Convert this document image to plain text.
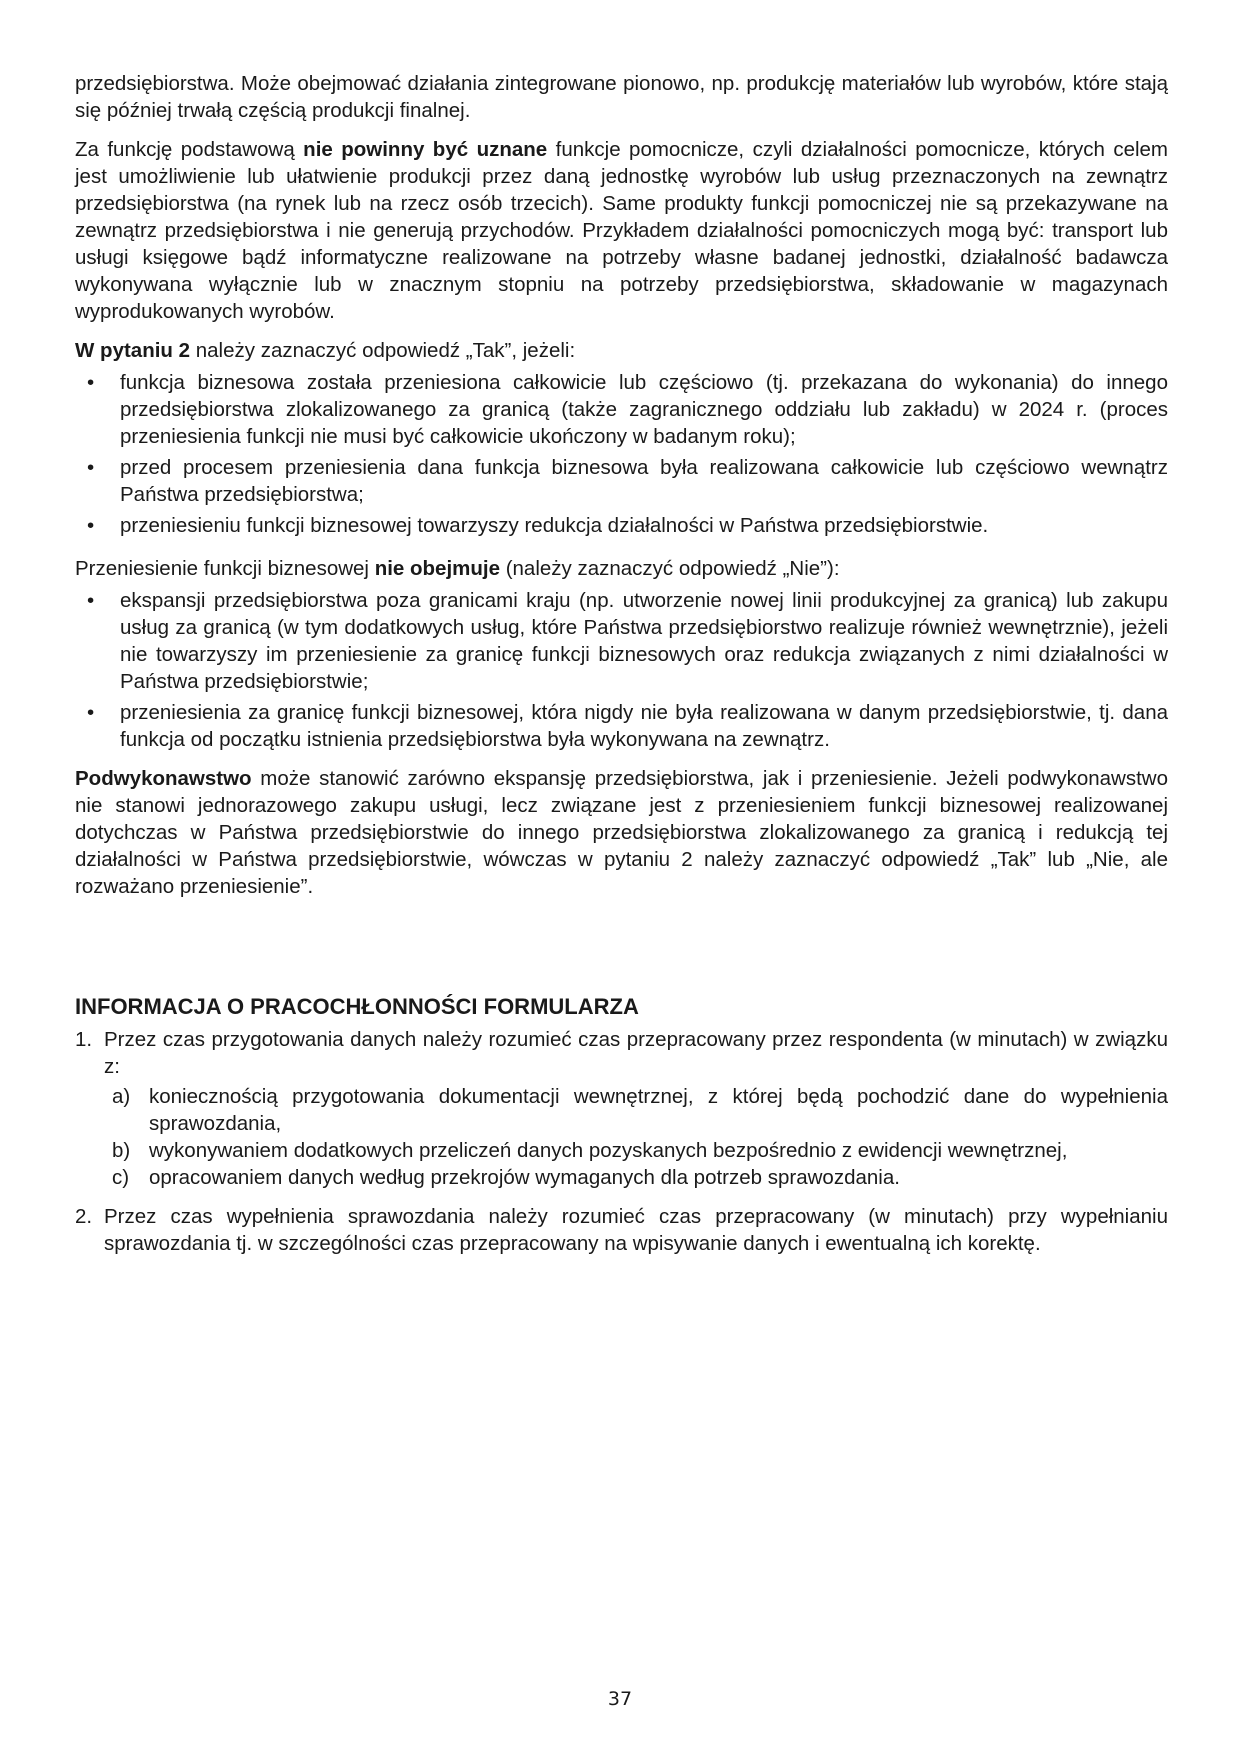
przedsiębiorstwa. Może obejmować działania zintegrowane pionowo, np. produkcję materiałów lub wyrobów, które stają się później trwałą częścią produkcji finalnej.

Za funkcję podstawową nie powinny być uznane funkcje pomocnicze, czyli działalności pomocnicze, których celem jest umożliwienie lub ułatwienie produkcji przez daną jednostkę wyrobów lub usług przeznaczonych na zewnątrz przedsiębiorstwa (na rynek lub na rzecz osób trzecich). Same produkty funkcji pomocniczej nie są przekazywane na zewnątrz przedsiębiorstwa i nie generują przychodów. Przykładem działalności pomocniczych mogą być: transport lub usługi księgowe bądź informatyczne realizowane na potrzeby własne badanej jednostki, działalność badawcza wykonywana wyłącznie lub w znacznym stopniu na potrzeby przedsiębiorstwa, składowanie w magazynach wyprodukowanych wyrobów.

W pytaniu 2 należy zaznaczyć odpowiedź „Tak”, jeżeli:

• funkcja biznesowa została przeniesiona całkowicie lub częściowo (tj. przekazana do wykonania) do innego przedsiębiorstwa zlokalizowanego za granicą (także zagranicznego oddziału lub zakładu) w 2024 r. (proces przeniesienia funkcji nie musi być całkowicie ukończony w badanym roku);
• przed procesem przeniesienia dana funkcja biznesowa była realizowana całkowicie lub częściowo wewnątrz Państwa przedsiębiorstwa;
• przeniesieniu funkcji biznesowej towarzyszy redukcja działalności w Państwa przedsiębiorstwie.

Przeniesienie funkcji biznesowej nie obejmuje (należy zaznaczyć odpowiedź „Nie”):

• ekspansji przedsiębiorstwa poza granicami kraju (np. utworzenie nowej linii produkcyjnej za granicą) lub zakupu usług za granicą (w tym dodatkowych usług, które Państwa przedsiębiorstwo realizuje również wewnętrznie), jeżeli nie towarzyszy im przeniesienie za granicę funkcji biznesowych oraz redukcja związanych z nimi działalności w Państwa przedsiębiorstwie;
• przeniesienia za granicę funkcji biznesowej, która nigdy nie była realizowana w danym przedsiębiorstwie, tj. dana funkcja od początku istnienia przedsiębiorstwa była wykonywana na zewnątrz.

Podwykonawstwo może stanowić zarówno ekspansję przedsiębiorstwa, jak i przeniesienie. Jeżeli podwykonawstwo nie stanowi jednorazowego zakupu usługi, lecz związane jest z przeniesieniem funkcji biznesowej realizowanej dotychczas w Państwa przedsiębiorstwie do innego przedsiębiorstwa zlokalizowanego za granicą i redukcją tej działalności w Państwa przedsiębiorstwie, wówczas w pytaniu 2 należy zaznaczyć odpowiedź „Tak” lub „Nie, ale rozważano przeniesienie”.

INFORMACJA O PRACOCHŁONNOŚCI FORMULARZA
1. Przez czas przygotowania danych należy rozumieć czas przepracowany przez respondenta (w minutach) w związku z:
a) koniecznością przygotowania dokumentacji wewnętrznej, z której będą pochodzić dane do wypełnienia sprawozdania,
b) wykonywaniem dodatkowych przeliczeń danych pozyskanych bezpośrednio z ewidencji wewnętrznej,
c) opracowaniem danych według przekrojów wymaganych dla potrzeb sprawozdania.
2. Przez czas wypełnienia sprawozdania należy rozumieć czas przepracowany (w minutach) przy wypełnianiu sprawozdania tj. w szczególności czas przepracowany na wpisywanie danych i ewentualną ich korektę.
37
